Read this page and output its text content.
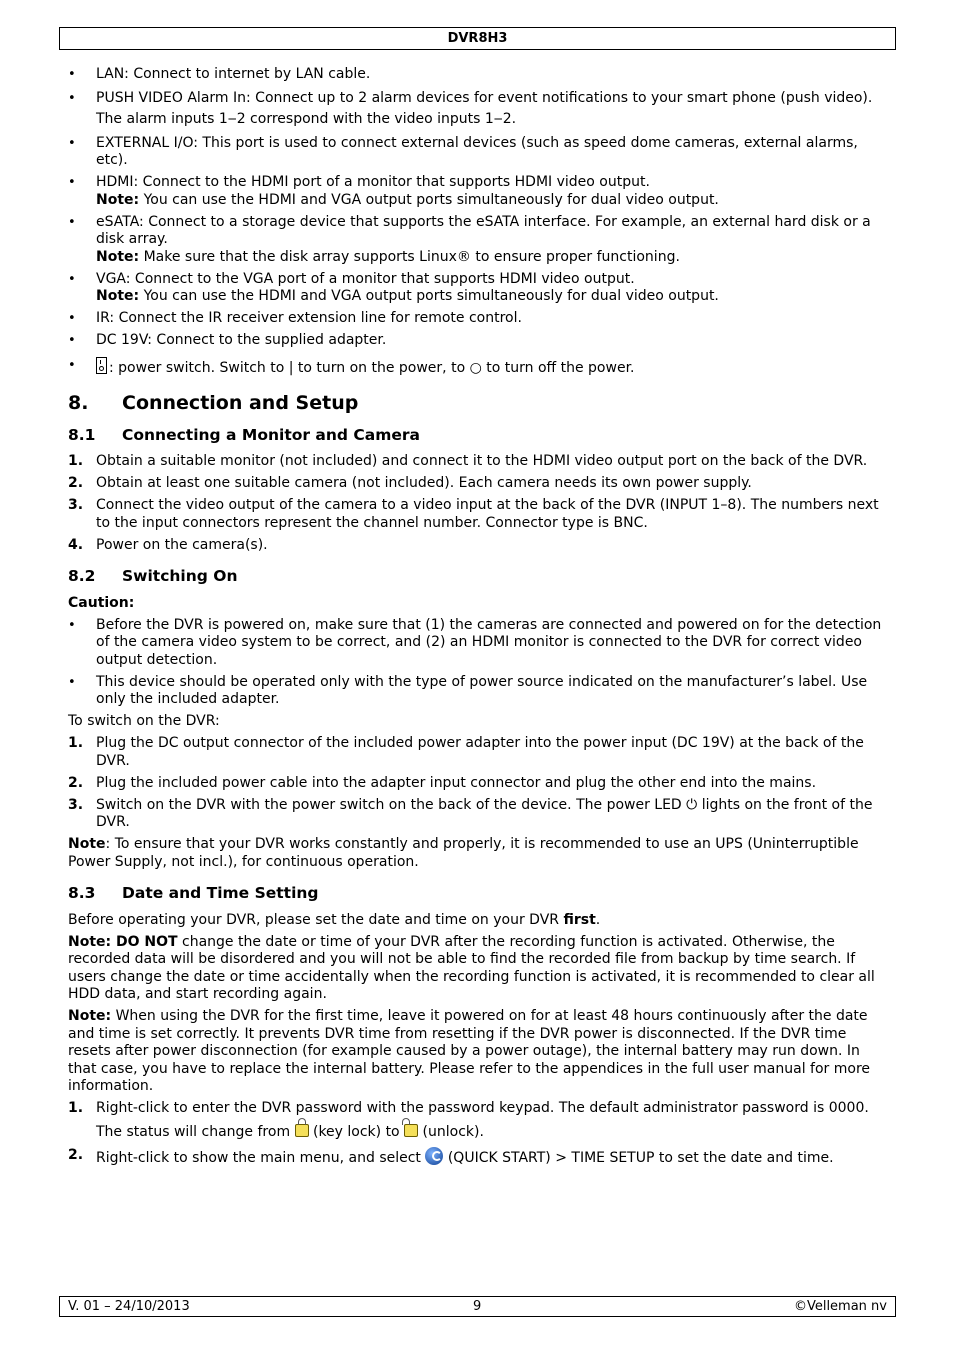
DVR8H3
• LAN: Connect to internet by LAN cable.
• PUSH VIDEO Alarm In: Connect up to 2 alarm devices for event notifications to your smart phone (push video). The alarm inputs 1‒2 correspond with the video inputs 1‒2.
• EXTERNAL I/O: This port is used to connect external devices (such as speed dome cameras, external alarms, etc).
• HDMI: Connect to the HDMI port of a monitor that supports HDMI video output.
Note: You can use the HDMI and VGA output ports simultaneously for dual video output.
• eSATA: Connect to a storage device that supports the eSATA interface. For example, an external hard disk or a disk array.
Note: Make sure that the disk array supports Linux® to ensure proper functioning.
• VGA: Connect to the VGA port of a monitor that supports HDMI video output.
Note: You can use the HDMI and VGA output ports simultaneously for dual video output.
• IR: Connect the IR receiver extension line for remote control.
• DC 19V: Connect to the supplied adapter.
• : power switch. Switch to | to turn on the power, to ○ to turn off the power.
8.	Connection and Setup
8.1	Connecting a Monitor and Camera
1. Obtain a suitable monitor (not included) and connect it to the HDMI video output port on the back of the DVR.
2. Obtain at least one suitable camera (not included). Each camera needs its own power supply.
3. Connect the video output of the camera to a video input at the back of the DVR (INPUT 1–8). The numbers next to the input connectors represent the channel number. Connector type is BNC.
4. Power on the camera(s).
8.2	Switching On

Caution:

• Before the DVR is powered on, make sure that (1) the cameras are connected and powered on for the detection of the camera video system to be correct, and (2) an HDMI monitor is connected to the DVR for correct video output detection.
• This device should be operated only with the type of power source indicated on the manufacturer’s label. Use only the included adapter.

To switch on the DVR:

1. Plug the DC output connector of the included power adapter into the power input (DC 19V) at the back of the DVR.
2. Plug the included power cable into the adapter input connector and plug the other end into the mains.
3. Switch on the DVR with the power switch on the back of the device. The power LED ⏻ lights on the front of the DVR.

Note: To ensure that your DVR works constantly and properly, it is recommended to use an UPS (Uninterruptible Power Supply, not incl.), for continuous operation.

8.3	Date and Time Setting

Before operating your DVR, please set the date and time on your DVR first.

Note: DO NOT change the date or time of your DVR after the recording function is activated. Otherwise, the recorded data will be disordered and you will not be able to find the recorded file from backup by time search. If users change the date or time accidentally when the recording function is activated, it is recommended to clear all HDD data, and start recording again.

Note: When using the DVR for the first time, leave it powered on for at least 48 hours continuously after the date and time is set correctly. It prevents DVR time from resetting if the DVR power is disconnected. If the DVR time resets after power disconnection (for example caused by a power outage), the internal battery may run down. In that case, you have to replace the internal battery. Please refer to the appendices in the full user manual for more information.

1. Right-click to enter the DVR password with the password keypad. The default administrator password is 0000.
The status will change from  (key lock) to  (unlock).
2. Right-click to show the main menu, and select  (QUICK START) > TIME SETUP to set the date and time.
V. 01 – 24/10/2013	9	©Velleman nv
